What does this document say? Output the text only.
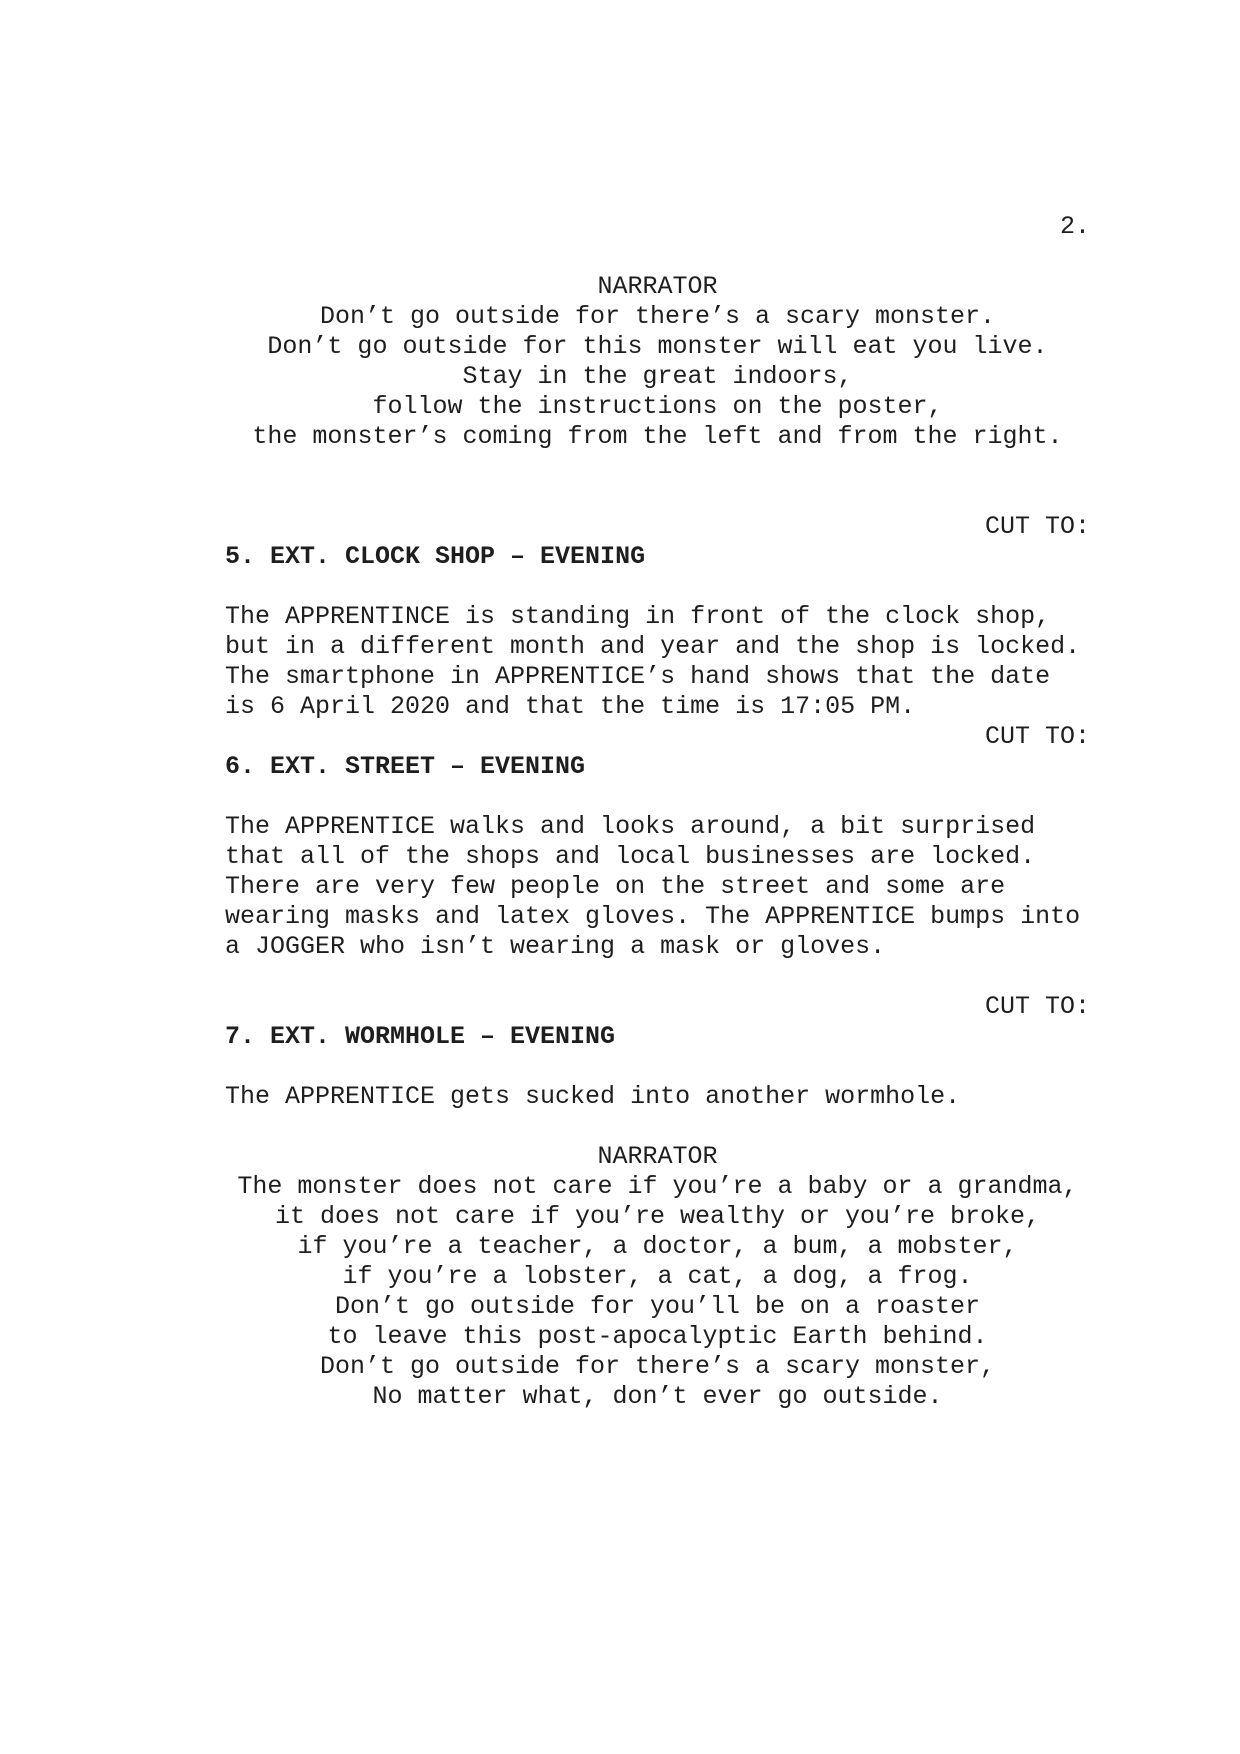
2.
NARRATOR
Don’t go outside for there’s a scary monster.
Don’t go outside for this monster will eat you live.
Stay in the great indoors,
follow the instructions on the poster,
the monster’s coming from the left and from the right.
CUT TO:
5. EXT. CLOCK SHOP – EVENING
The APPRENTINCE is standing in front of the clock shop,
but in a different month and year and the shop is locked.
The smartphone in APPRENTICE’s hand shows that the date
is 6 April 2020 and that the time is 17:05 PM.
CUT TO:
6. EXT. STREET – EVENING
The APPRENTICE walks and looks around, a bit surprised
that all of the shops and local businesses are locked.
There are very few people on the street and some are
wearing masks and latex gloves. The APPRENTICE bumps into
a JOGGER who isn’t wearing a mask or gloves.
CUT TO:
7. EXT. WORMHOLE – EVENING
The APPRENTICE gets sucked into another wormhole.
NARRATOR
The monster does not care if you’re a baby or a grandma,
it does not care if you’re wealthy or you’re broke,
if you’re a teacher, a doctor, a bum, a mobster,
if you’re a lobster, a cat, a dog, a frog.
Don’t go outside for you’ll be on a roaster
to leave this post-apocalyptic Earth behind.
Don’t go outside for there’s a scary monster,
No matter what, don’t ever go outside.
